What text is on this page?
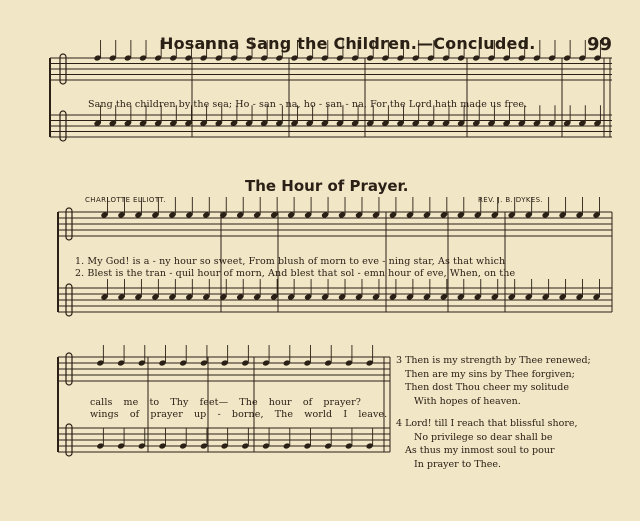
Hosanna Sang the Children.—Concluded.	99
Sang the children by the sea; Ho - san - na, ho - san - na, For the Lord hath made us free.
The Hour of Prayer.
CHARLOTTE ELLIOTT.	REV. J. B. DYKES.
1. My God! is a - ny hour so sweet, From blush of morn to eve - ning star, As that which
2. Blest is the tran - quil hour of morn, And blest that sol - emn hour of eve, When, on the
calls me to Thy feet— The hour of prayer?
wings of prayer up - borne, The world I leave.
3 Then is my strength by Thee renewed;
Then are my sins by Thee forgiven;
Then dost Thou cheer my solitude
With hopes of heaven.
4 Lord! till I reach that blissful shore,
No privilege so dear shall be
As thus my inmost soul to pour
In prayer to Thee.
